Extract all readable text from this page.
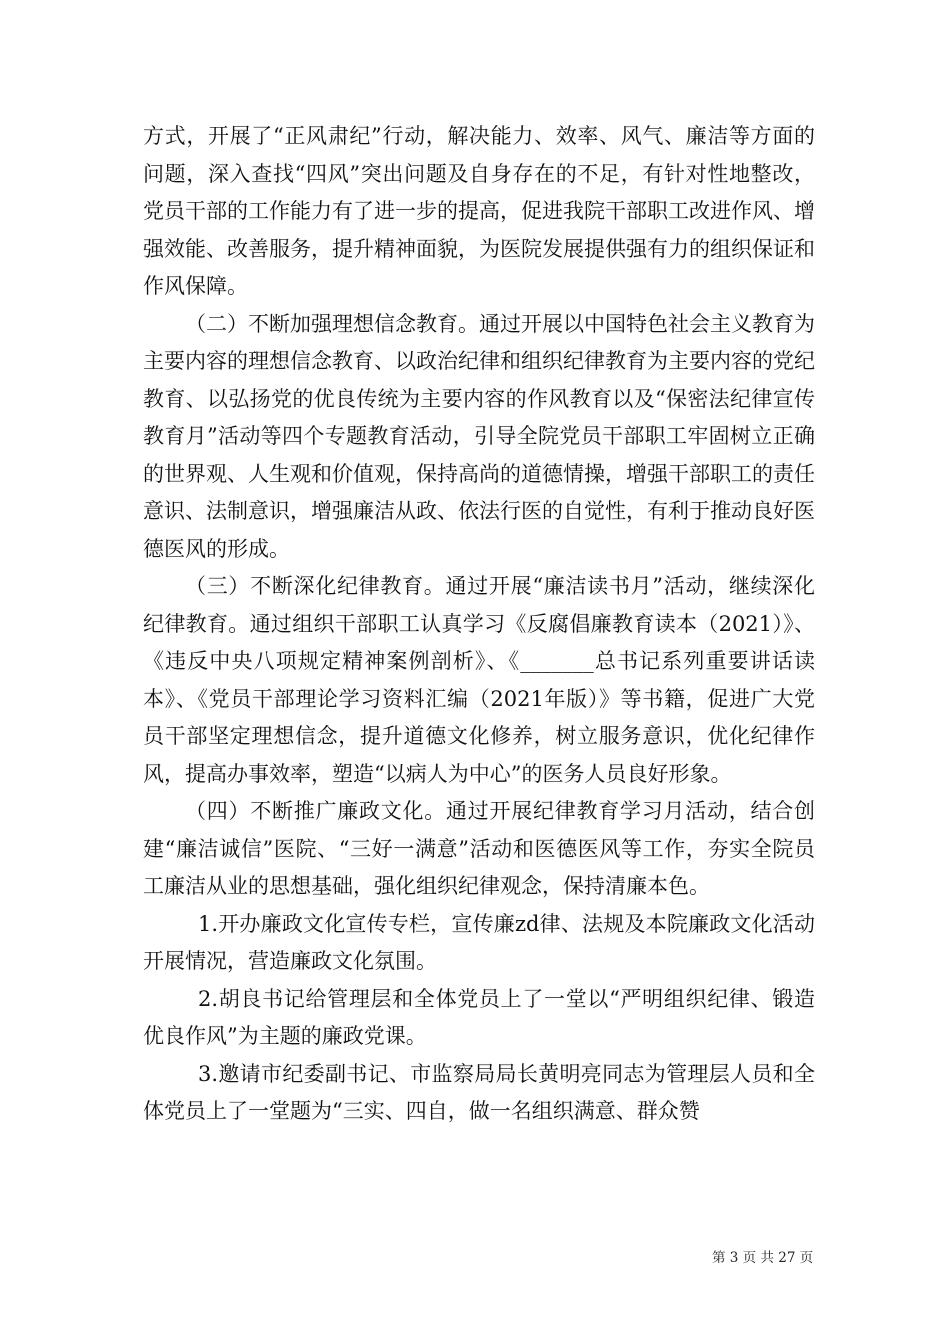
方式，开展了“正风肃纪”行动，解决能力、效率、风气、廉洁等方面的问题，深入查找“四风”突出问题及自身存在的不足，有针对性地整改，党员干部的工作能力有了进一步的提高，促进我院干部职工改进作风、增强效能、改善服务，提升精神面貌，为医院发展提供强有力的组织保证和作风保障。

（二）不断加强理想信念教育。通过开展以中国特色社会主义教育为主要内容的理想信念教育、以政治纪律和组织纪律教育为主要内容的党纪教育、以弘扬党的优良传统为主要内容的作风教育以及“保密法纪律宣传教育月”活动等四个专题教育活动，引导全院党员干部职工牢固树立正确的世界观、人生观和价值观，保持高尚的道德情操，增强干部职工的责任意识、法制意识，增强廉洁从政、依法行医的自觉性，有利于推动良好医德医风的形成。

（三）不断深化纪律教育。通过开展“廉洁读书月”活动，继续深化纪律教育。通过组织干部职工认真学习《反腐倡廉教育读本（2021）》、《违反中央八项规定精神案例剖析》、《_______总书记系列重要讲话读本》、《党员干部理论学习资料汇编（2021年版）》等书籍，促进广大党员干部坚定理想信念，提升道德文化修养，树立服务意识，优化纪律作风，提高办事效率，塑造“以病人为中心”的医务人员良好形象。

（四）不断推广廉政文化。通过开展纪律教育学习月活动，结合创建“廉洁诚信”医院、“三好一满意”活动和医德医风等工作，夯实全院员工廉洁从业的思想基础，强化组织纪律观念，保持清廉本色。

1.开办廉政文化宣传专栏，宣传廉zd律、法规及本院廉政文化活动开展情况，营造廉政文化氛围。

2.胡良书记给管理层和全体党员上了一堂以“严明组织纪律、锻造优良作风”为主题的廉政党课。

3.邀请市纪委副书记、市监察局局长黄明亮同志为管理层人员和全体党员上了一堂题为“三实、四自，做一名组织满意、群众赞

第 3 页 共 27 页
